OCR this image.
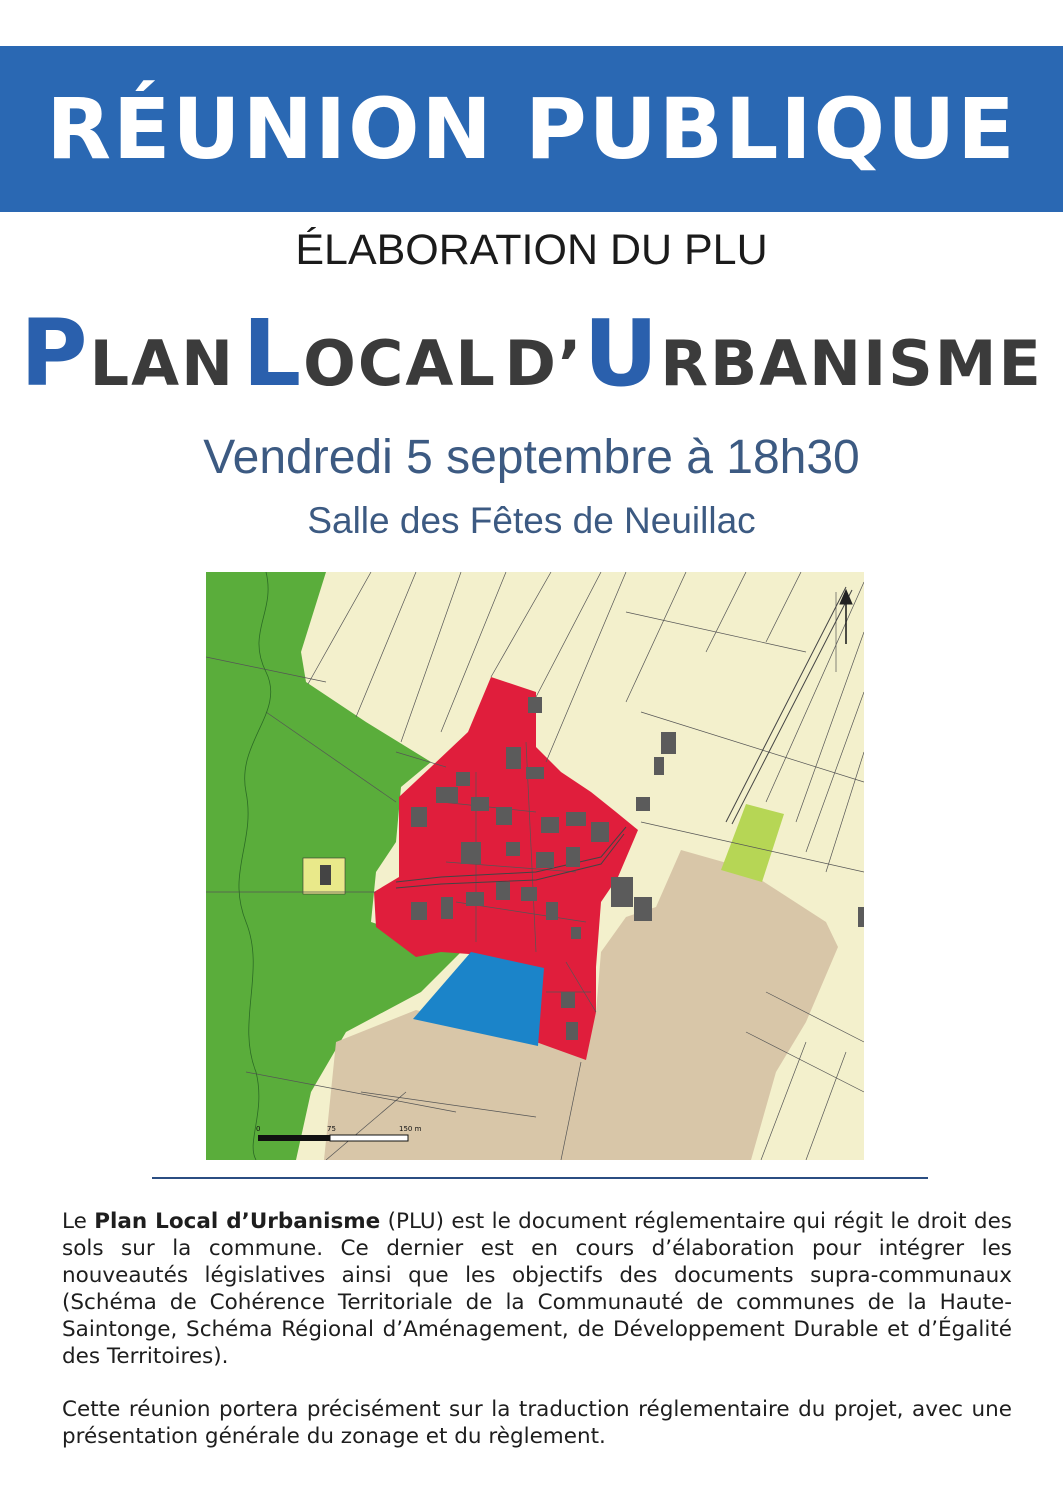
RÉUNION PUBLIQUE
ÉLABORATION DU PLU
PLAN LOCAL D’URBANISME
Vendredi 5 septembre à 18h30
Salle des Fêtes de Neuillac
0	75	150 m

Le Plan Local d’Urbanisme (PLU) est le document réglementaire qui régit le droit des sols sur la commune. Ce dernier est en cours d’élaboration pour intégrer les nouveautés législatives ainsi que les objectifs des documents supra-communaux (Schéma de Cohérence Territoriale de la Communauté de communes de la Haute-Saintonge, Schéma Régional d’Aménagement, de Développement Durable et d’Égalité des Territoires).

Cette réunion portera précisément sur la traduction réglementaire du projet, avec une présentation générale du zonage et du règlement.
